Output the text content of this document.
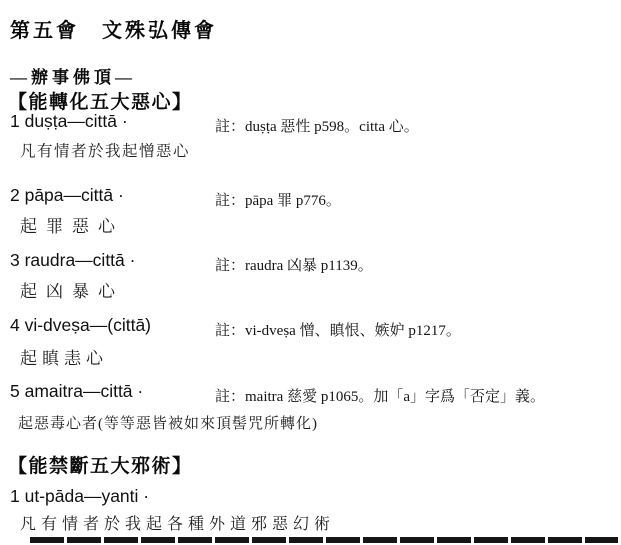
第五會　文殊弘傳會
—辦事佛頂—
【能轉化五大惡心】
1 duṣṭa—cittā ·	註：duṣṭa 惡性 p598。citta 心。
凡有情者於我起憎惡心
2 pāpa—cittā ·	註：pāpa 罪 p776。
起罪惡心
3 raudra—cittā ·	註：raudra 凶暴 p1139。
起凶暴心
4 vi-dveṣa—(cittā)	註：vi-dveṣa 憎、瞋恨、嫉妒 p1217。
起瞋恚心
5 amaitra—cittā ·	註：maitra 慈愛 p1065。加「a」字爲「否定」義。
起惡毒心者(等等惡皆被如來頂髻咒所轉化)
【能禁斷五大邪術】
1 ut-pāda—yanti ·
凡有情者於我起各種外道邪惡幻術
